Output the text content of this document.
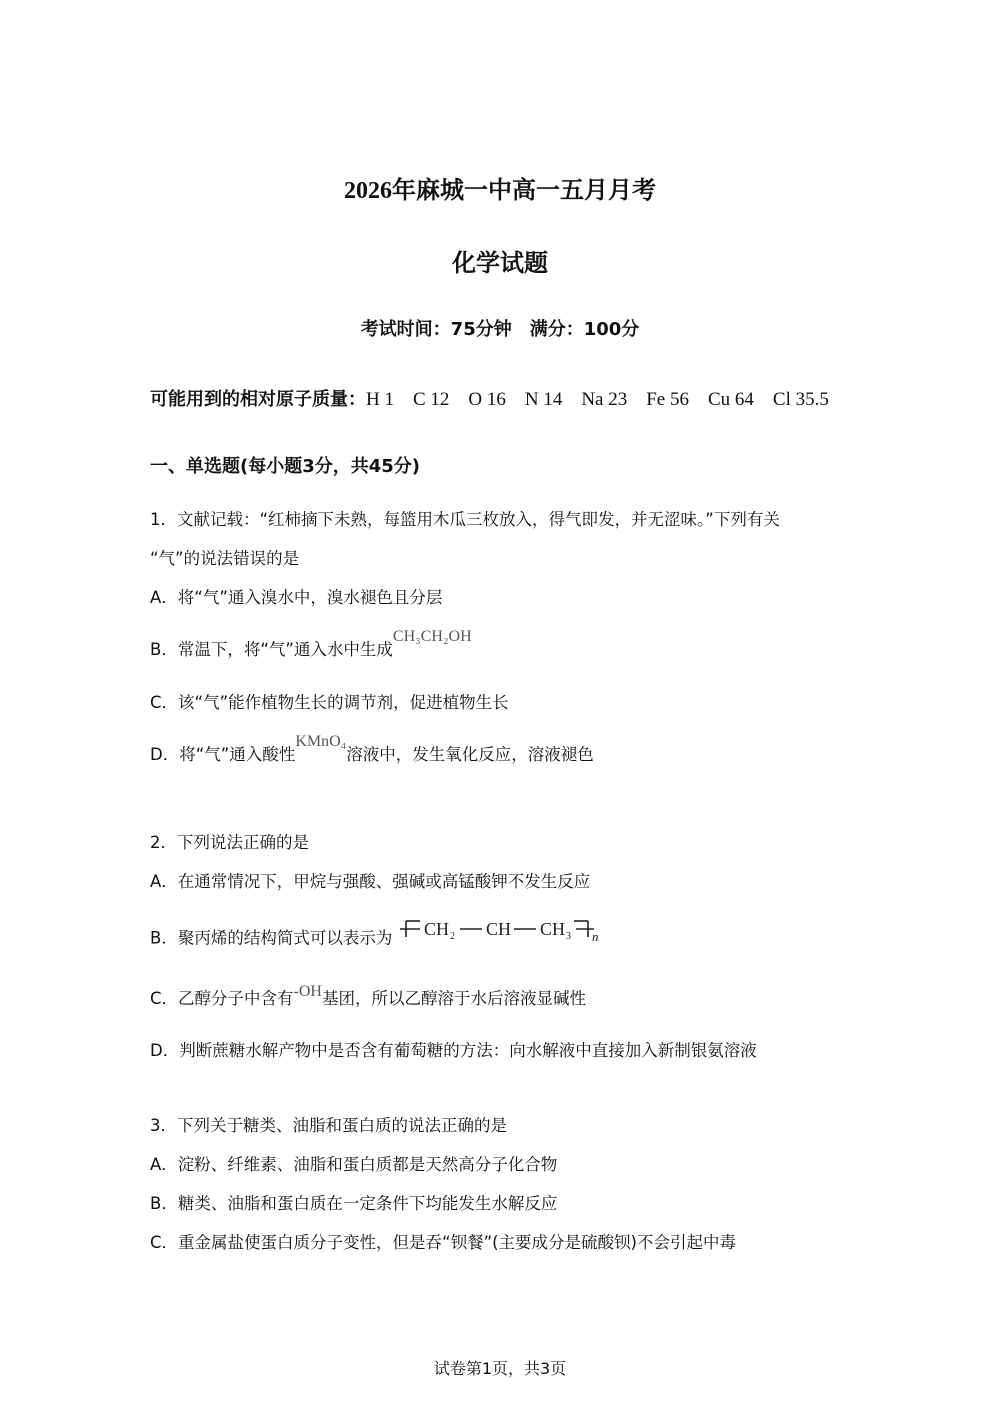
2026年麻城一中高一五月月考
化学试题
考试时间：75分钟　满分：100分
可能用到的相对原子质量：H 1　C 12　O 16　N 14　Na 23　Fe 56　Cu 64　Cl 35.5
一、单选题(每小题3分，共45分)
1．文献记载：“红柿摘下未熟，每篮用木瓜三枚放入，得气即发，并无涩味。”下列有关
“气”的说法错误的是
A．将“气”通入溴水中，溴水褪色且分层
B．常温下，将“气”通入水中生成CH₃CH₂OH
C．该“气”能作植物生长的调节剂，促进植物生长
D．将“气”通入酸性KMnO₄溶液中，发生氧化反应，溶液褪色
2．下列说法正确的是
A．在通常情况下，甲烷与强酸、强碱或高锰酸钾不发生反应
B．聚丙烯的结构简式可以表示为 CH 2 CH CH 3 n
C．乙醇分子中含有-OH基团，所以乙醇溶于水后溶液显碱性
D．判断蔗糖水解产物中是否含有葡萄糖的方法：向水解液中直接加入新制银氨溶液
3．下列关于糖类、油脂和蛋白质的说法正确的是
A．淀粉、纤维素、油脂和蛋白质都是天然高分子化合物
B．糖类、油脂和蛋白质在一定条件下均能发生水解反应
C．重金属盐使蛋白质分子变性，但是吞“钡餐”(主要成分是硫酸钡)不会引起中毒
试卷第1页，共3页
